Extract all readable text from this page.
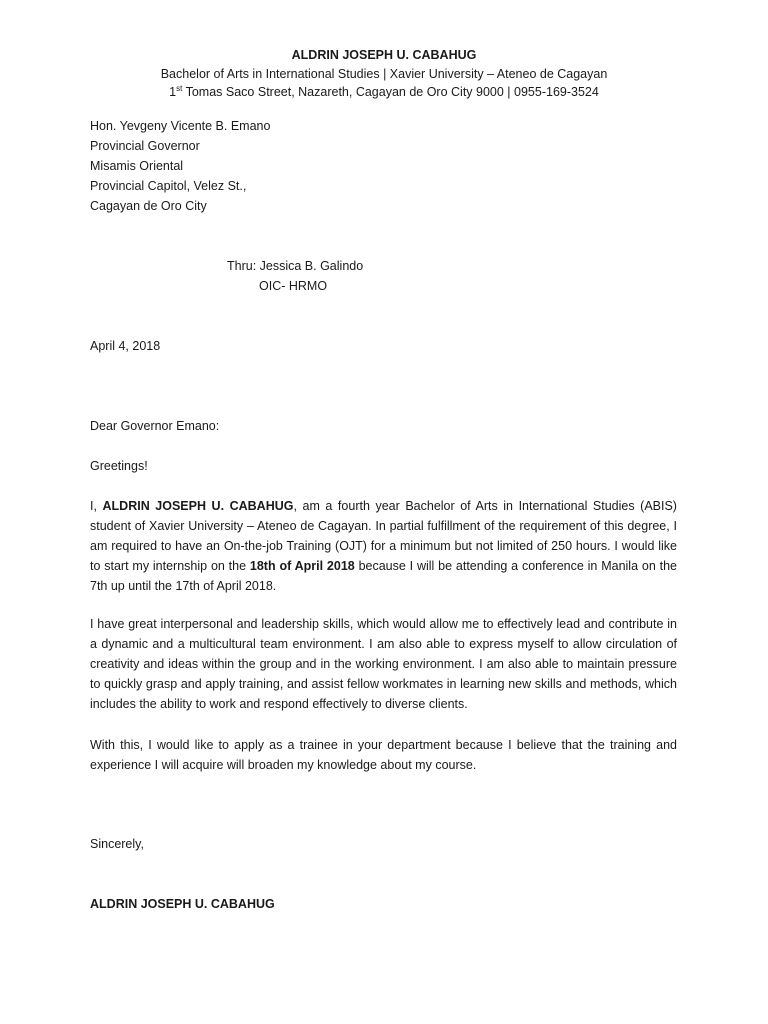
ALDRIN JOSEPH U. CABAHUG
Bachelor of Arts in International Studies | Xavier University – Ateneo de Cagayan
1st Tomas Saco Street, Nazareth, Cagayan de Oro City 9000 | 0955-169-3524
Hon. Yevgeny Vicente B. Emano
Provincial Governor
Misamis Oriental
Provincial Capitol, Velez St.,
Cagayan de Oro City
Thru: Jessica B. Galindo
OIC- HRMO
April 4, 2018
Dear Governor Emano:
Greetings!
I, ALDRIN JOSEPH U. CABAHUG, am a fourth year Bachelor of Arts in International Studies (ABIS) student of Xavier University – Ateneo de Cagayan. In partial fulfillment of the requirement of this degree, I am required to have an On-the-job Training (OJT) for a minimum but not limited of 250 hours. I would like to start my internship on the 18th of April 2018 because I will be attending a conference in Manila on the 7th up until the 17th of April 2018.
I have great interpersonal and leadership skills, which would allow me to effectively lead and contribute in a dynamic and a multicultural team environment. I am also able to express myself to allow circulation of creativity and ideas within the group and in the working environment. I am also able to maintain pressure to quickly grasp and apply training, and assist fellow workmates in learning new skills and methods, which includes the ability to work and respond effectively to diverse clients.
With this, I would like to apply as a trainee in your department because I believe that the training and experience I will acquire will broaden my knowledge about my course.
Sincerely,
ALDRIN JOSEPH U. CABAHUG
